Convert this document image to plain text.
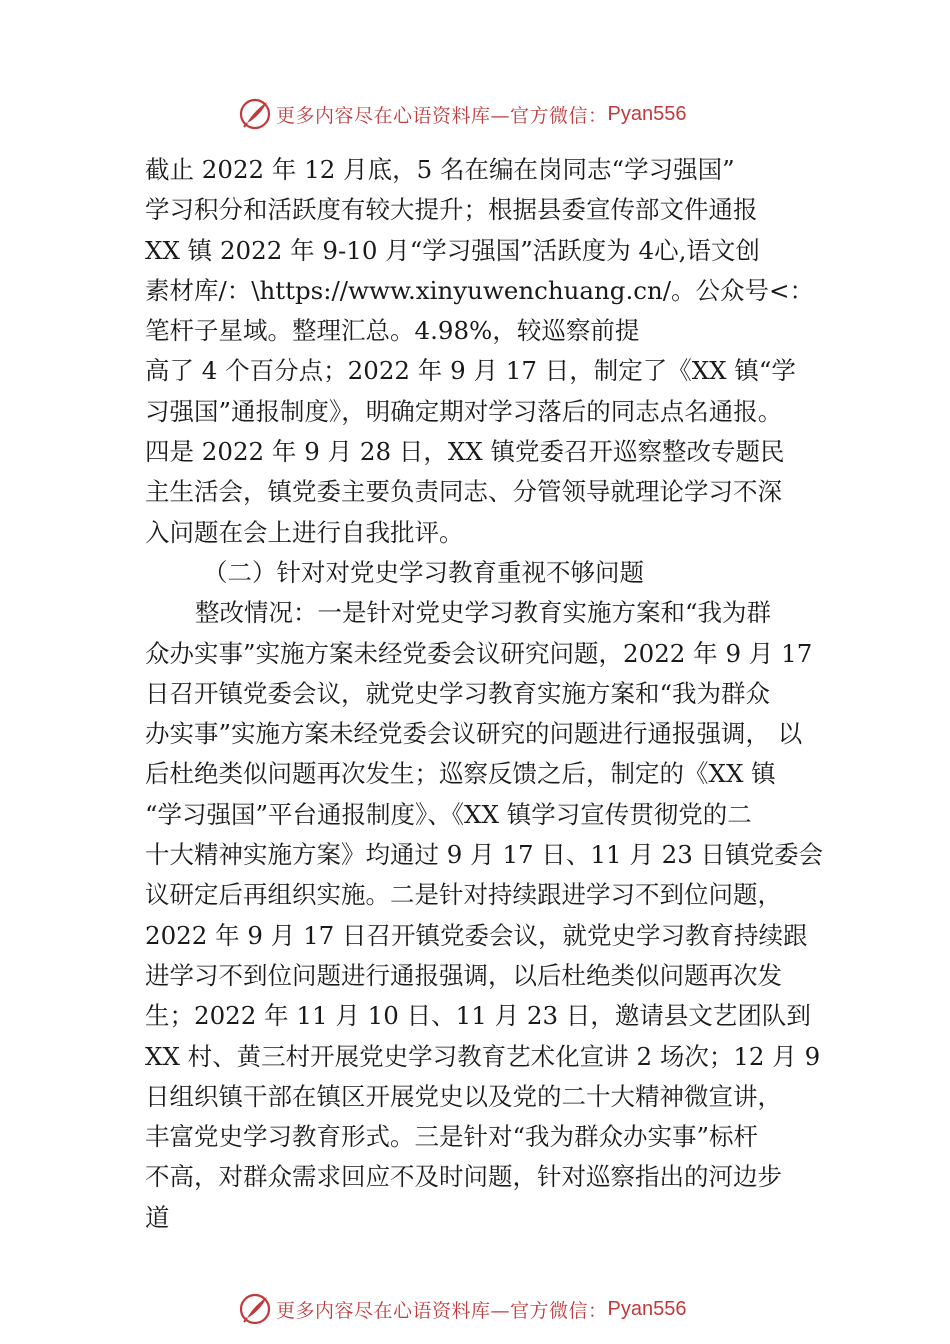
更多内容尽在心语资料库—官方微信： Pyan556
截止 2022 年 12 月底，5 名在编在岗同志“学习强国”
学习积分和活跃度有较大提升；根据县委宣传部文件通报
XX 镇 2022 年 9-10 月“学习强国”活跃度为 4心,语文创
素材库/：\https://www.xinyuwenchuang.cn/。公众号<：
笔杆子星域。整理汇总。4.98%，较巡察前提
高了 4 个百分点；2022 年 9 月 17 日，制定了《XX 镇“学
习强国”通报制度》，明确定期对学习落后的同志点名通报。
四是 2022 年 9 月 28 日，XX 镇党委召开巡察整改专题民
主生活会，镇党委主要负责同志、分管领导就理论学习不深
入问题在会上进行自我批评。
（二）针对对党史学习教育重视不够问题
整改情况：一是针对党史学习教育实施方案和“我为群
众办实事”实施方案未经党委会议研究问题，2022 年 9 月 17
日召开镇党委会议，就党史学习教育实施方案和“我为群众
办实事”实施方案未经党委会议研究的问题进行通报强调， 以
后杜绝类似问题再次发生；巡察反馈之后，制定的《XX 镇
“学习强国”平台通报制度》、《XX 镇学习宣传贯彻党的二
十大精神实施方案》均通过 9 月 17 日、11 月 23 日镇党委会
议研定后再组织实施。二是针对持续跟进学习不到位问题，
2022 年 9 月 17 日召开镇党委会议，就党史学习教育持续跟
进学习不到位问题进行通报强调，以后杜绝类似问题再次发
生；2022 年 11 月 10 日、11 月 23 日，邀请县文艺团队到
XX 村、黄三村开展党史学习教育艺术化宣讲 2 场次；12 月 9
日组织镇干部在镇区开展党史以及党的二十大精神微宣讲，
丰富党史学习教育形式。三是针对“我为群众办实事”标杆
不高，对群众需求回应不及时问题，针对巡察指出的河边步
道
更多内容尽在心语资料库—官方微信： Pyan556
